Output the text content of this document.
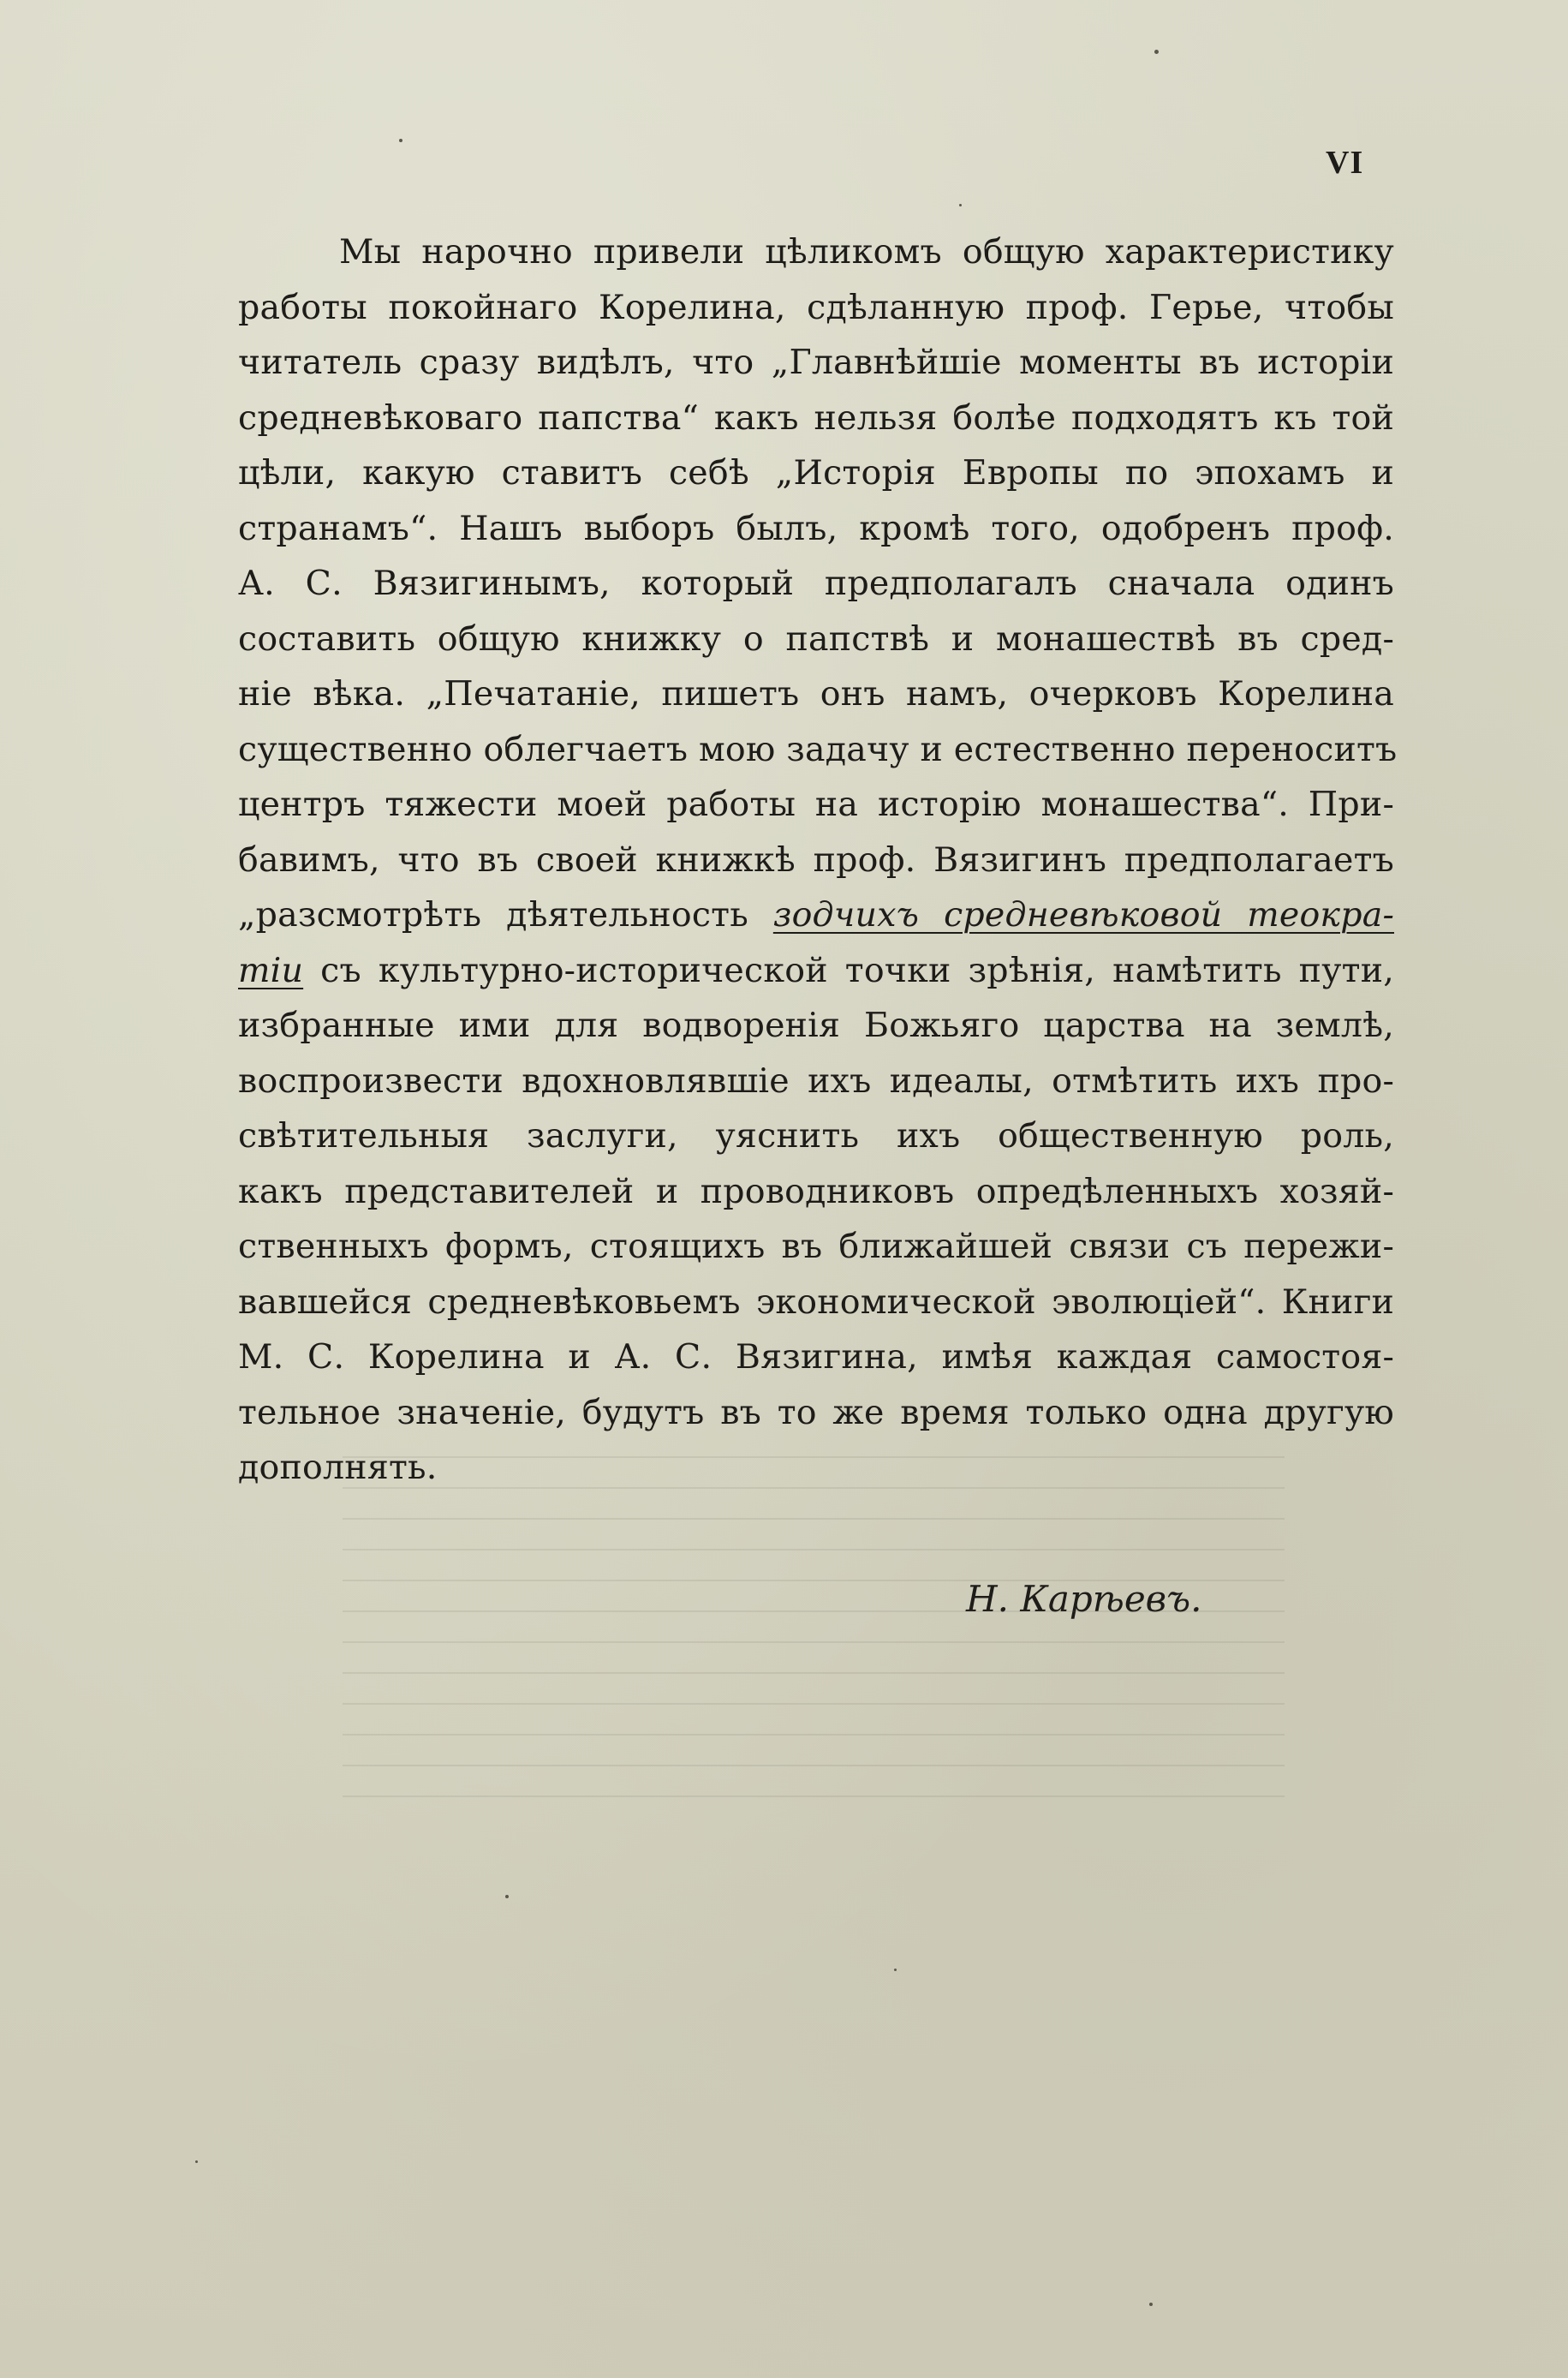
VI
Мы нарочно привели цѣликомъ общую характеристику
работы покойнаго Корелина, сдѣланную проф. Герье, чтобы
читатель сразу видѣлъ, что „Главнѣйшіе моменты въ исторіи
средневѣковаго папства“ какъ нельзя болѣе подходятъ къ той
цѣли, какую ставитъ себѣ „Исторія Европы по эпохамъ и
странамъ“. Нашъ выборъ былъ, кромѣ того, одобренъ проф.
А. С. Вязигинымъ, который предполагалъ сначала одинъ
составить общую книжку о папствѣ и монашествѣ въ сред-
ніе вѣка. „Печатаніе, пишетъ онъ намъ, очерковъ Корелина
существенно облегчаетъ мою задачу и естественно переноситъ
центръ тяжести моей работы на исторію монашества“. При-
бавимъ, что въ своей книжкѣ проф. Вязигинъ предполагаетъ
„разсмотрѣть дѣятельность зодчихъ средневѣковой теокра-
тіи съ культурно-исторической точки зрѣнія, намѣтить пути,
избранные ими для водворенія Божьяго царства на землѣ,
воспроизвести вдохновлявшіе ихъ идеалы, отмѣтить ихъ про-
свѣтительныя заслуги, уяснить ихъ общественную роль,
какъ представителей и проводниковъ опредѣленныхъ хозяй-
ственныхъ формъ, стоящихъ въ ближайшей связи съ пережи-
вавшейся средневѣковьемъ экономической эволюціей“. Книги
М. С. Корелина и А. С. Вязигина, имѣя каждая самостоя-
тельное значеніе, будутъ въ то же время только одна другую
дополнять.
Н. Карѣевъ.
